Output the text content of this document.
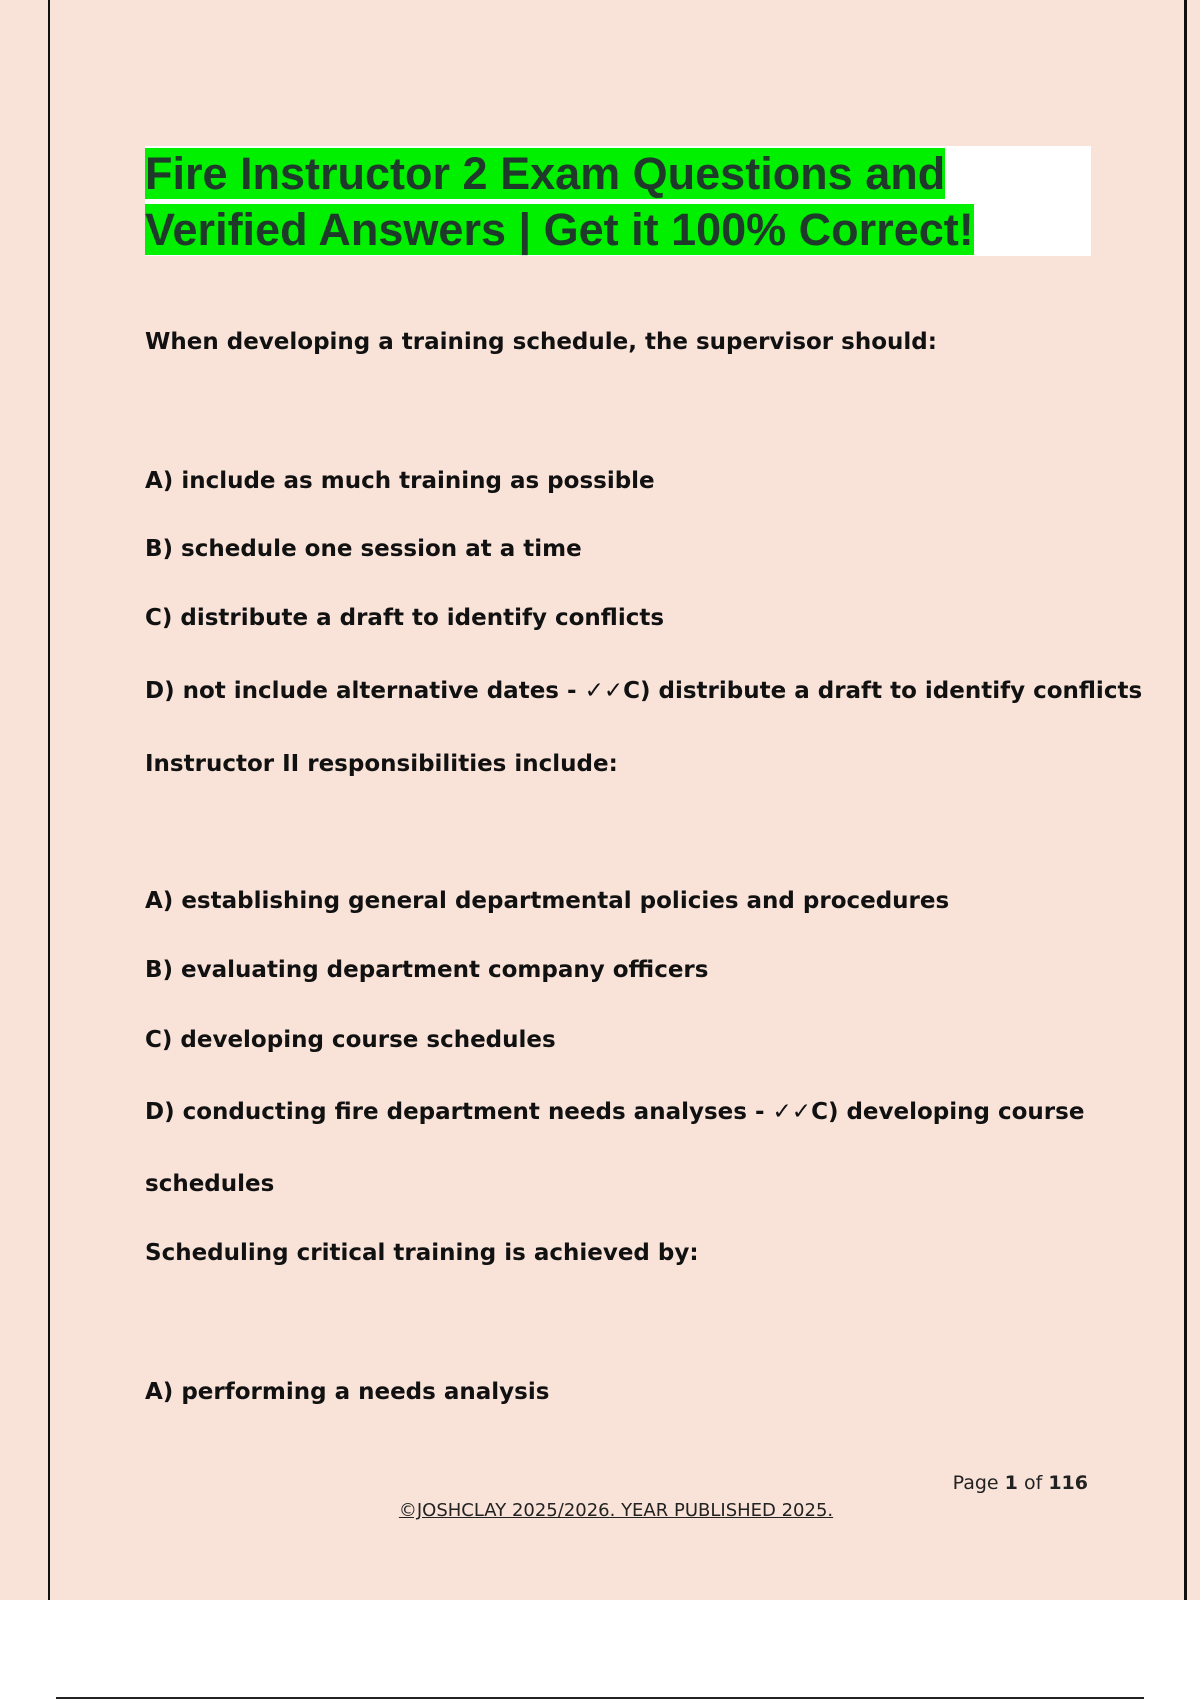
Fire Instructor 2 Exam Questions and
Verified Answers | Get it 100% Correct!

When developing a training schedule, the supervisor should:

A) include as much training as possible

B) schedule one session at a time

C) distribute a draft to identify conflicts

D) not include alternative dates - ✓✓C) distribute a draft to identify conflicts

Instructor II responsibilities include:

A) establishing general departmental policies and procedures

B) evaluating department company officers

C) developing course schedules

D) conducting fire department needs analyses - ✓✓C) developing course

schedules

Scheduling critical training is achieved by:

A) performing a needs analysis

Page 1 of 116
©JOSHCLAY 2025/2026. YEAR PUBLISHED 2025.
